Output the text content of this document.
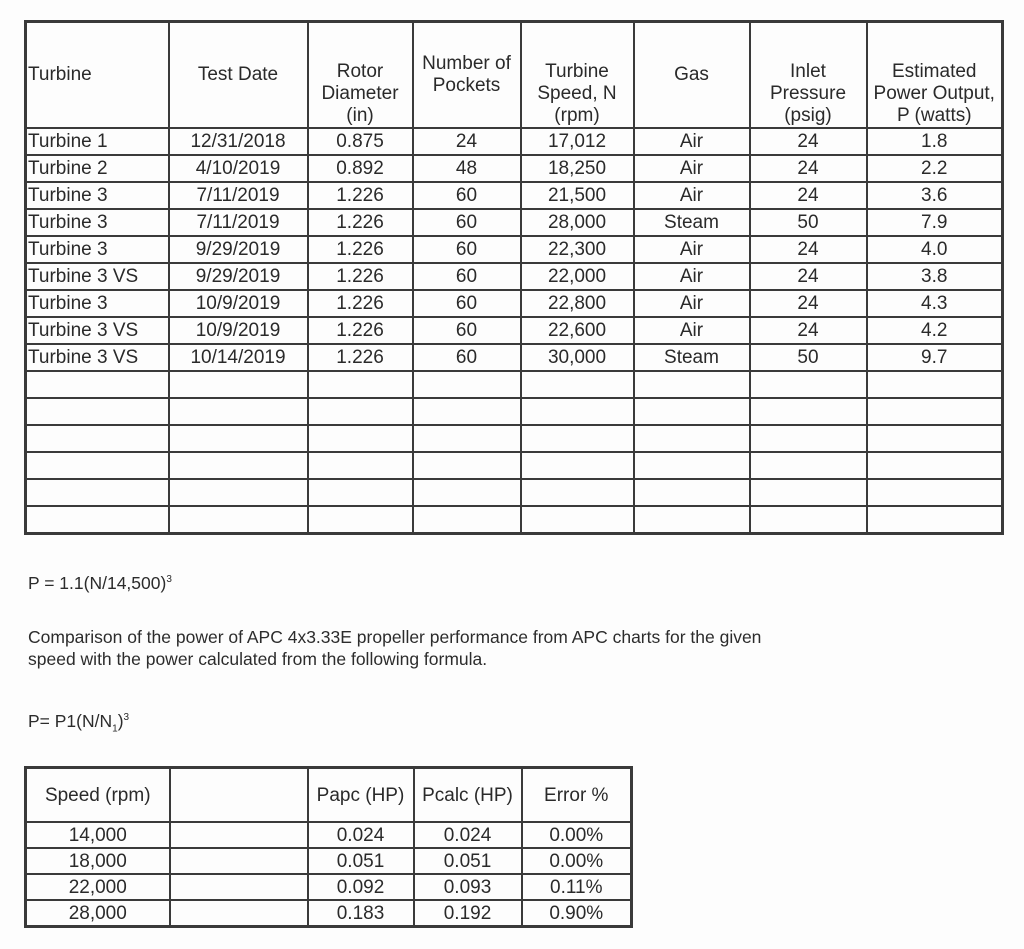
Turbine	Test Date	Rotor Diameter (in)	Number of Pockets	Turbine Speed, N (rpm)	Gas	Inlet Pressure (psig)	Estimated Power Output, P (watts)
Turbine 1	12/31/2018	0.875	24	17,012	Air	24	1.8
Turbine 2	4/10/2019	0.892	48	18,250	Air	24	2.2
Turbine 3	7/11/2019	1.226	60	21,500	Air	24	3.6
Turbine 3	7/11/2019	1.226	60	28,000	Steam	50	7.9
Turbine 3	9/29/2019	1.226	60	22,300	Air	24	4.0
Turbine 3 VS	9/29/2019	1.226	60	22,000	Air	24	3.8
Turbine 3	10/9/2019	1.226	60	22,800	Air	24	4.3
Turbine 3 VS	10/9/2019	1.226	60	22,600	Air	24	4.2
Turbine 3 VS	10/14/2019	1.226	60	30,000	Steam	50	9.7

$P = 1.1(N/14,500)^3$
Comparison of the power of APC 4x3.33E propeller performance from APC charts for the given
speed with the power calculated from the following formula.
$P= P1(N/N_1)^3$
Speed (rpm)		Papc (HP)	Pcalc (HP)	Error %
14,000		0.024	0.024	0.00%
18,000		0.051	0.051	0.00%
22,000		0.092	0.093	0.11%
28,000		0.183	0.192	0.90%
